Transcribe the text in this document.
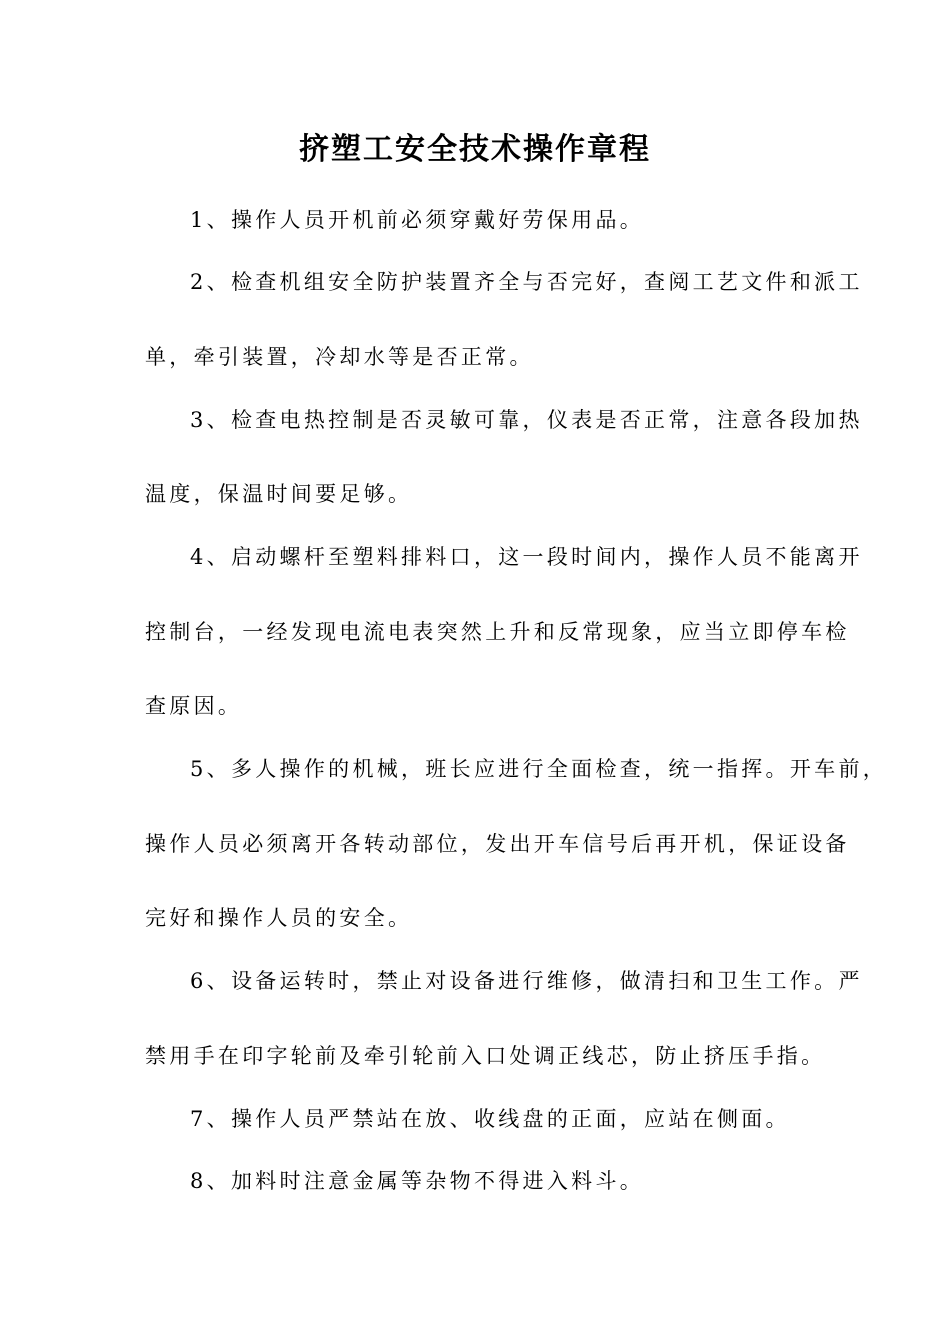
挤塑工安全技术操作章程
1、操作人员开机前必须穿戴好劳保用品。
2、检查机组安全防护装置齐全与否完好，查阅工艺文件和派工
单，牵引装置，冷却水等是否正常。
3、检查电热控制是否灵敏可靠，仪表是否正常，注意各段加热
温度，保温时间要足够。
4、启动螺杆至塑料排料口，这一段时间内，操作人员不能离开
控制台，一经发现电流电表突然上升和反常现象，应当立即停车检
查原因。
5、多人操作的机械，班长应进行全面检查，统一指挥。开车前，
操作人员必须离开各转动部位，发出开车信号后再开机，保证设备
完好和操作人员的安全。
6、设备运转时，禁止对设备进行维修，做清扫和卫生工作。严
禁用手在印字轮前及牵引轮前入口处调正线芯，防止挤压手指。
7、操作人员严禁站在放、收线盘的正面，应站在侧面。
8、加料时注意金属等杂物不得进入料斗。
